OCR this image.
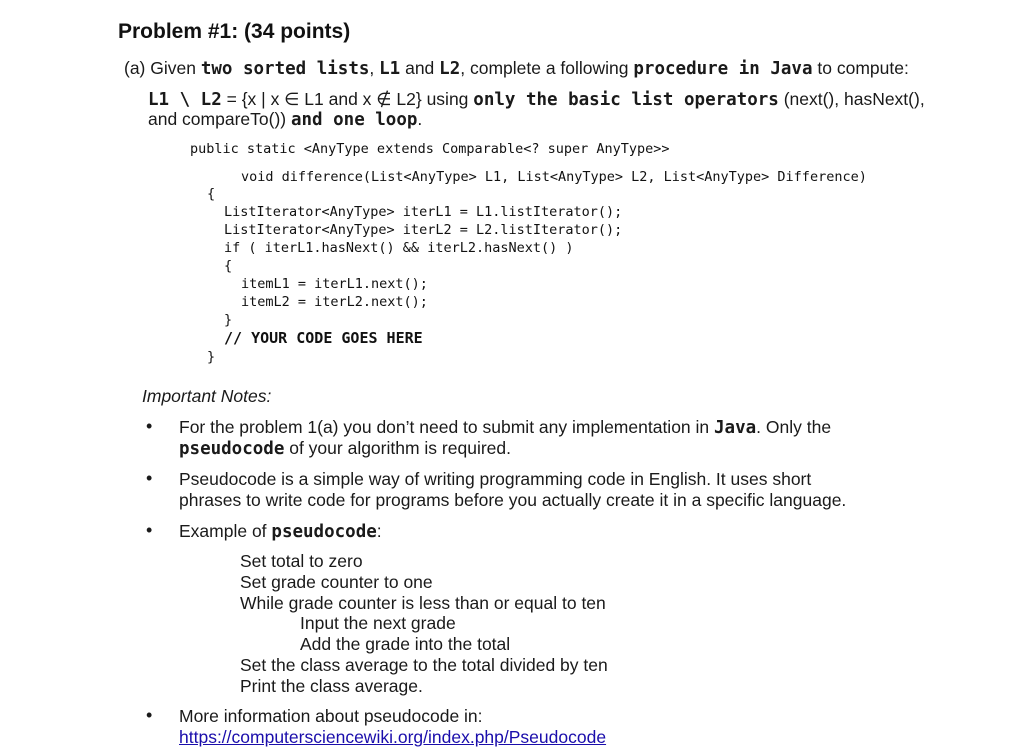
Problem #1: (34 points)
(a) Given two sorted lists, L1 and L2, complete a following procedure in Java to compute:
L1 \ L2 = {x | x ∈ L1 and x ∉ L2} using only the basic list operators (next(), hasNext(),
and compareTo()) and one loop.
public static <AnyType extends Comparable<? super AnyType>>
void difference(List<AnyType> L1, List<AnyType> L2, List<AnyType> Difference)
{
ListIterator<AnyType> iterL1 = L1.listIterator();
ListIterator<AnyType> iterL2 = L2.listIterator();
if ( iterL1.hasNext() && iterL2.hasNext() )
{
itemL1 = iterL1.next();
itemL2 = iterL2.next();
}
// YOUR CODE GOES HERE
}
Important Notes:
• For the problem 1(a) you don’t need to submit any implementation in Java. Only the
pseudocode of your algorithm is required.
• Pseudocode is a simple way of writing programming code in English. It uses short
phrases to write code for programs before you actually create it in a specific language.
• Example of pseudocode:
Set total to zero
Set grade counter to one
While grade counter is less than or equal to ten
Input the next grade
Add the grade into the total
Set the class average to the total divided by ten
Print the class average.
• More information about pseudocode in:
https://computersciencewiki.org/index.php/Pseudocode
